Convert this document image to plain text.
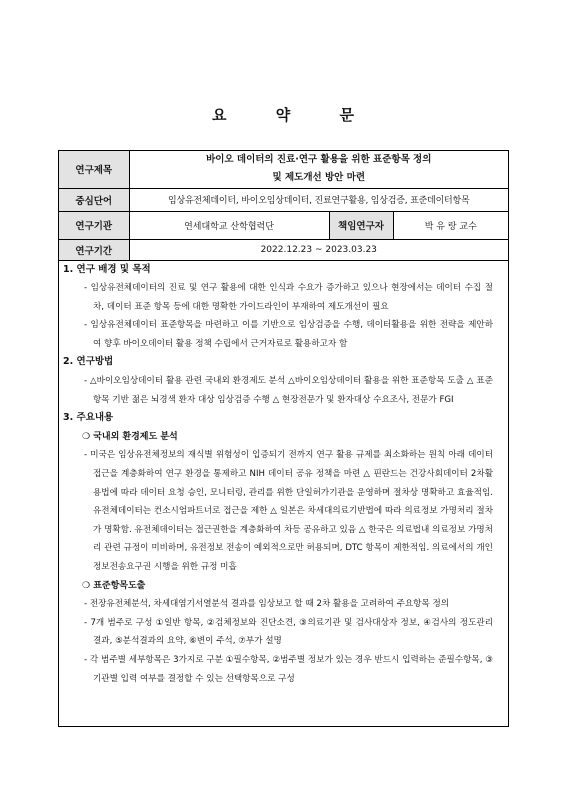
요 약 문
연구제목	바이오 데이터의 진료·연구 활용을 위한 표준항목 정의
및 제도개선 방안 마련		

중심단어	임상유전체데이터, 바이오임상데이터, 진료연구활용, 임상검증, 표준데이터항목		
연구기관	연세대학교 산학협력단	책임연구자	박 유 랑 교수
연구기간	2022.12.23 ~ 2023.03.23		
1. 연구 배경 및 목적
- 임상유전체데이터의 진료 및 연구 활용에 대한 인식과 수요가 증가하고 있으나 현장에서는 데이터 수집 절차, 데이터 표준 항목 등에 대한 명확한 가이드라인이 부재하여 제도개선이 필요
- 임상유전체데이터 표준항목을 마련하고 이를 기반으로 임상검증을 수행, 데이터활용을 위한 전략을 제안하여 향후 바이오데이터 활용 정책 수립에서 근거자료로 활용하고자 함
2. 연구방법
- △바이오임상데이터 활용 관련 국내외 환경제도 분석 △바이오임상데이터 활용을 위한 표준항목 도출 △ 표준항목 기반 젊은 뇌경색 환자 대상 임상검증 수행 △ 현장전문가 및 환자대상 수요조사, 전문가 FGI
3. 주요내용
❍ 국내외 환경제도 분석
- 미국은 임상유전체정보의 재식별 위험성이 입증되기 전까지 연구 활용 규제를 최소화하는 원칙 아래 데이터 접근을 계층화하여 연구 환경을 통제하고 NIH 데이터 공유 정책을 마련 △ 핀란드는 건강사회데이터 2차활용법에 따라 데이터 요청 승인, 모니터링, 관리를 위한 단일허가기관을 운영하며 절차상 명확하고 효율적임. 유전체데이터는 컨소시엄파트너로 접근을 제한 △ 일본은 차세대의료기반법에 따라 의료정보 가명처리 절차가 명확함. 유전체데이터는 접근권한을 계층화하여 차등 공유하고 있음 △ 한국은 의료법내 의료정보 가명처리 관련 규정이 미비하며, 유전정보 전송이 예외적으로만 허용되며, DTC 항목이 제한적임. 의료에서의 개인정보전송요구권 시행을 위한 규정 미흡
❍ 표준항목도출
- 전장유전체분석, 차세대염기서열분석 결과를 임상보고 할 때 2차 활용을 고려하여 주요항목 정의
- 7개 범주로 구성 ①일반 항목, ②검체정보와 진단소견, ③의료기관 및 검사대상자 정보, ④검사의 정도관리 결과, ⑤분석결과의 요약, ⑥변이 주석, ⑦부가 설명
- 각 범주별 세부항목은 3가지로 구분 ①필수항목, ②범주별 정보가 있는 경우 반드시 입력하는 준필수항목, ③기관별 입력 여부를 결정할 수 있는 선택항목으로 구성
